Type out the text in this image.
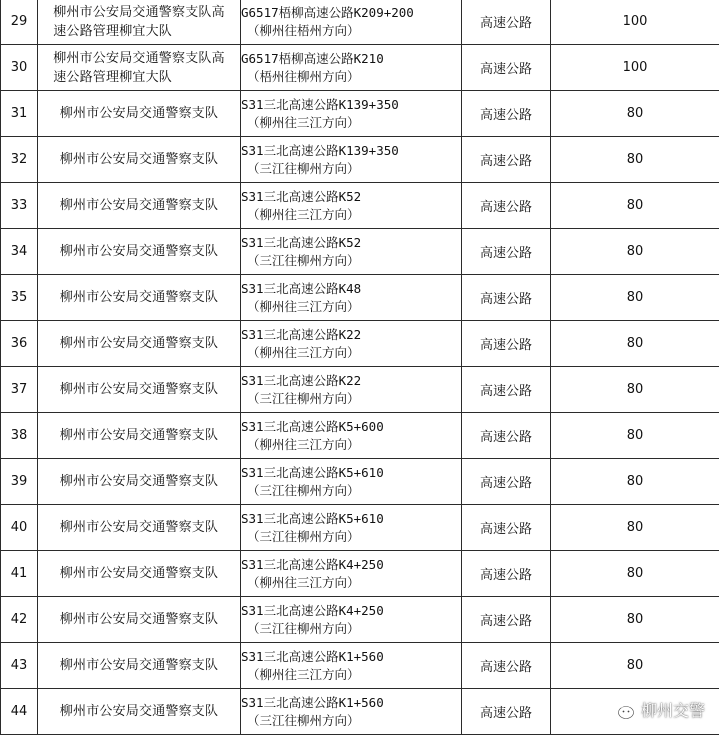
29	柳州市公安局交通警察支队高
速公路管理柳宜大队	G6517梧柳高速公路K209+200
（柳州往梧州方向）	高速公路	100
30	柳州市公安局交通警察支队高
速公路管理柳宜大队	G6517梧柳高速公路K210
（梧州往柳州方向）	高速公路	100
31	柳州市公安局交通警察支队	S31三北高速公路K139+350
（柳州往三江方向）	高速公路	80
32	柳州市公安局交通警察支队	S31三北高速公路K139+350
（三江往柳州方向）	高速公路	80
33	柳州市公安局交通警察支队	S31三北高速公路K52
（柳州往三江方向）	高速公路	80
34	柳州市公安局交通警察支队	S31三北高速公路K52
（三江往柳州方向）	高速公路	80
35	柳州市公安局交通警察支队	S31三北高速公路K48
（柳州往三江方向）	高速公路	80
36	柳州市公安局交通警察支队	S31三北高速公路K22
（柳州往三江方向）	高速公路	80
37	柳州市公安局交通警察支队	S31三北高速公路K22
（三江往柳州方向）	高速公路	80
38	柳州市公安局交通警察支队	S31三北高速公路K5+600
（柳州往三江方向）	高速公路	80
39	柳州市公安局交通警察支队	S31三北高速公路K5+610
（三江往柳州方向）	高速公路	80
40	柳州市公安局交通警察支队	S31三北高速公路K5+610
（三江往柳州方向）	高速公路	80
41	柳州市公安局交通警察支队	S31三北高速公路K4+250
（柳州往三江方向）	高速公路	80
42	柳州市公安局交通警察支队	S31三北高速公路K4+250
（三江往柳州方向）	高速公路	80
43	柳州市公安局交通警察支队	S31三北高速公路K1+560
（柳州往三江方向）	高速公路	80
44	柳州市公安局交通警察支队	S31三北高速公路K1+560
（三江往柳州方向）	高速公路		柳州交警
